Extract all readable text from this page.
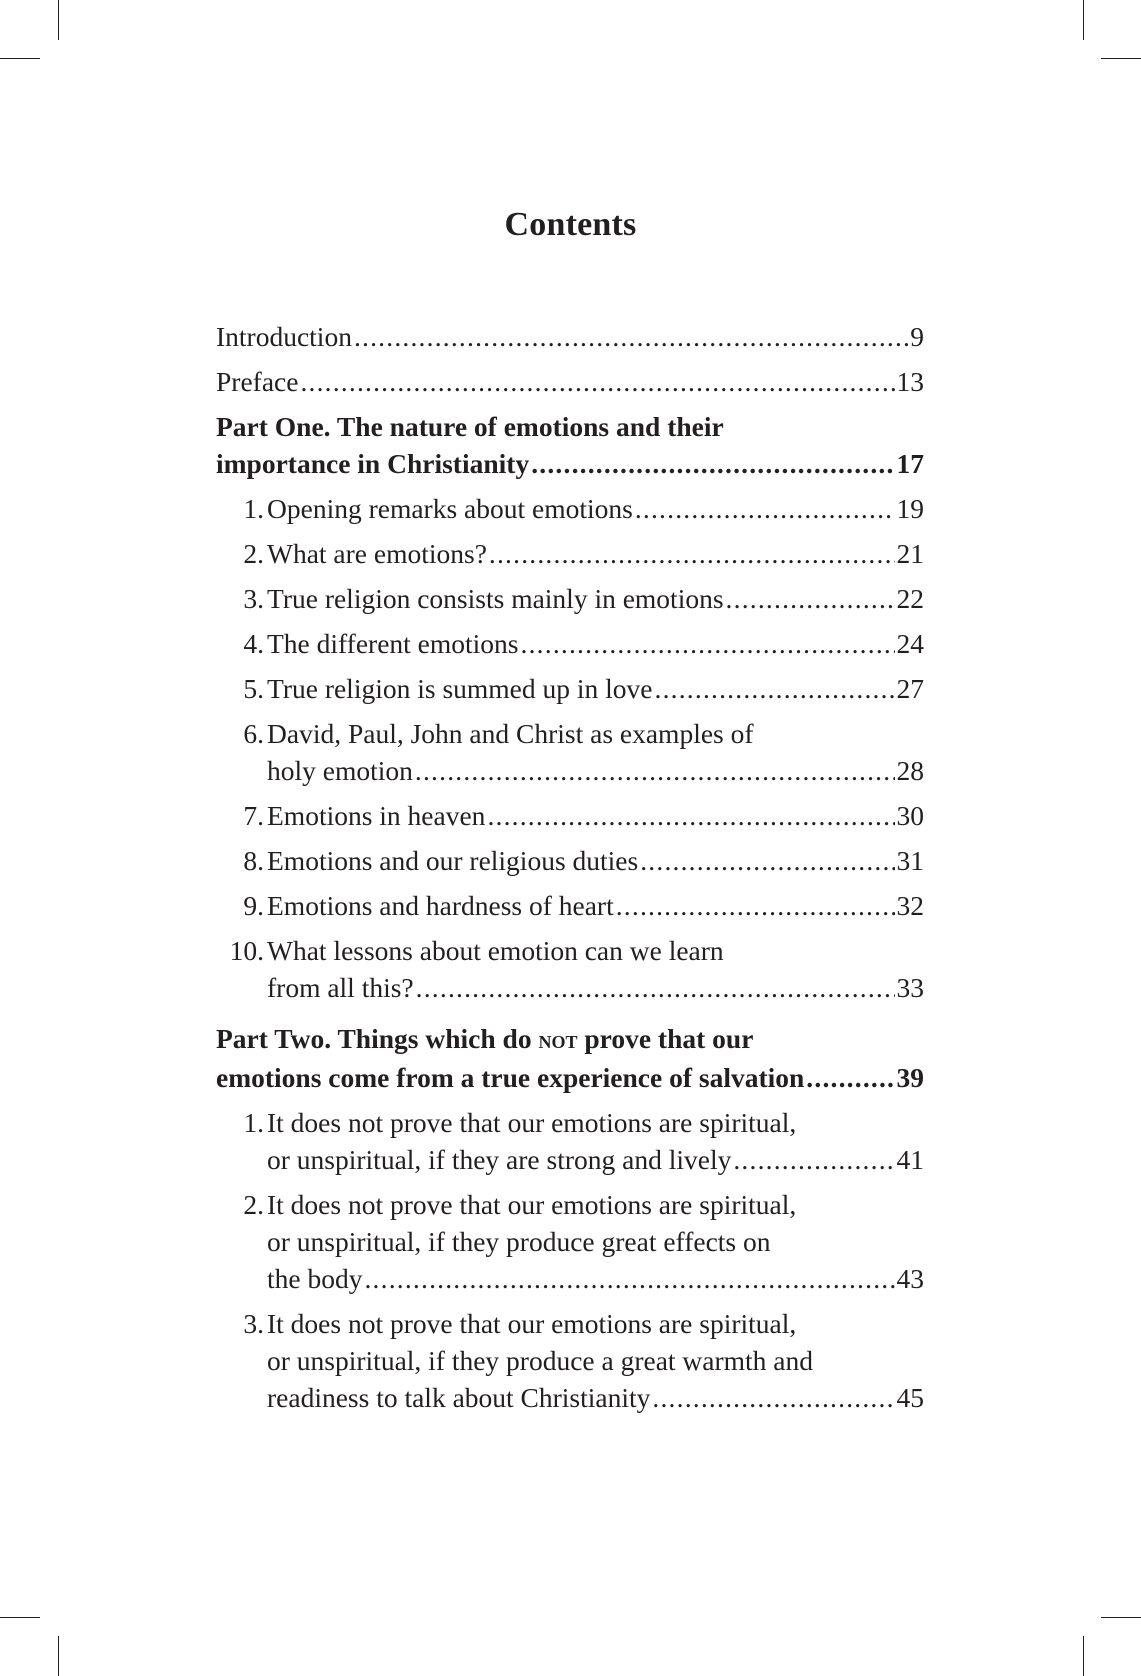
Contents
Introduction .....	9
Preface .....	13
Part One. The nature of emotions and their
importance in Christianity .....	17
1. Opening remarks about emotions .....	19
2. What are emotions? .....	21
3. True religion consists mainly in emotions .....	22
4. The different emotions .....	24
5. True religion is summed up in love .....	27
6. David, Paul, John and Christ as examples of
holy emotion .....	28
7. Emotions in heaven .....	30
8. Emotions and our religious duties .....	31
9. Emotions and hardness of heart .....	32
10. What lessons about emotion can we learn
from all this? .....	33
Part Two. Things which do not prove that our
emotions come from a true experience of salvation .....	39
1. It does not prove that our emotions are spiritual,
or unspiritual, if they are strong and lively .....	41
2. It does not prove that our emotions are spiritual,
or unspiritual, if they produce great effects on
the body .....	43
3. It does not prove that our emotions are spiritual,
or unspiritual, if they produce a great warmth and
readiness to talk about Christianity .....	45
